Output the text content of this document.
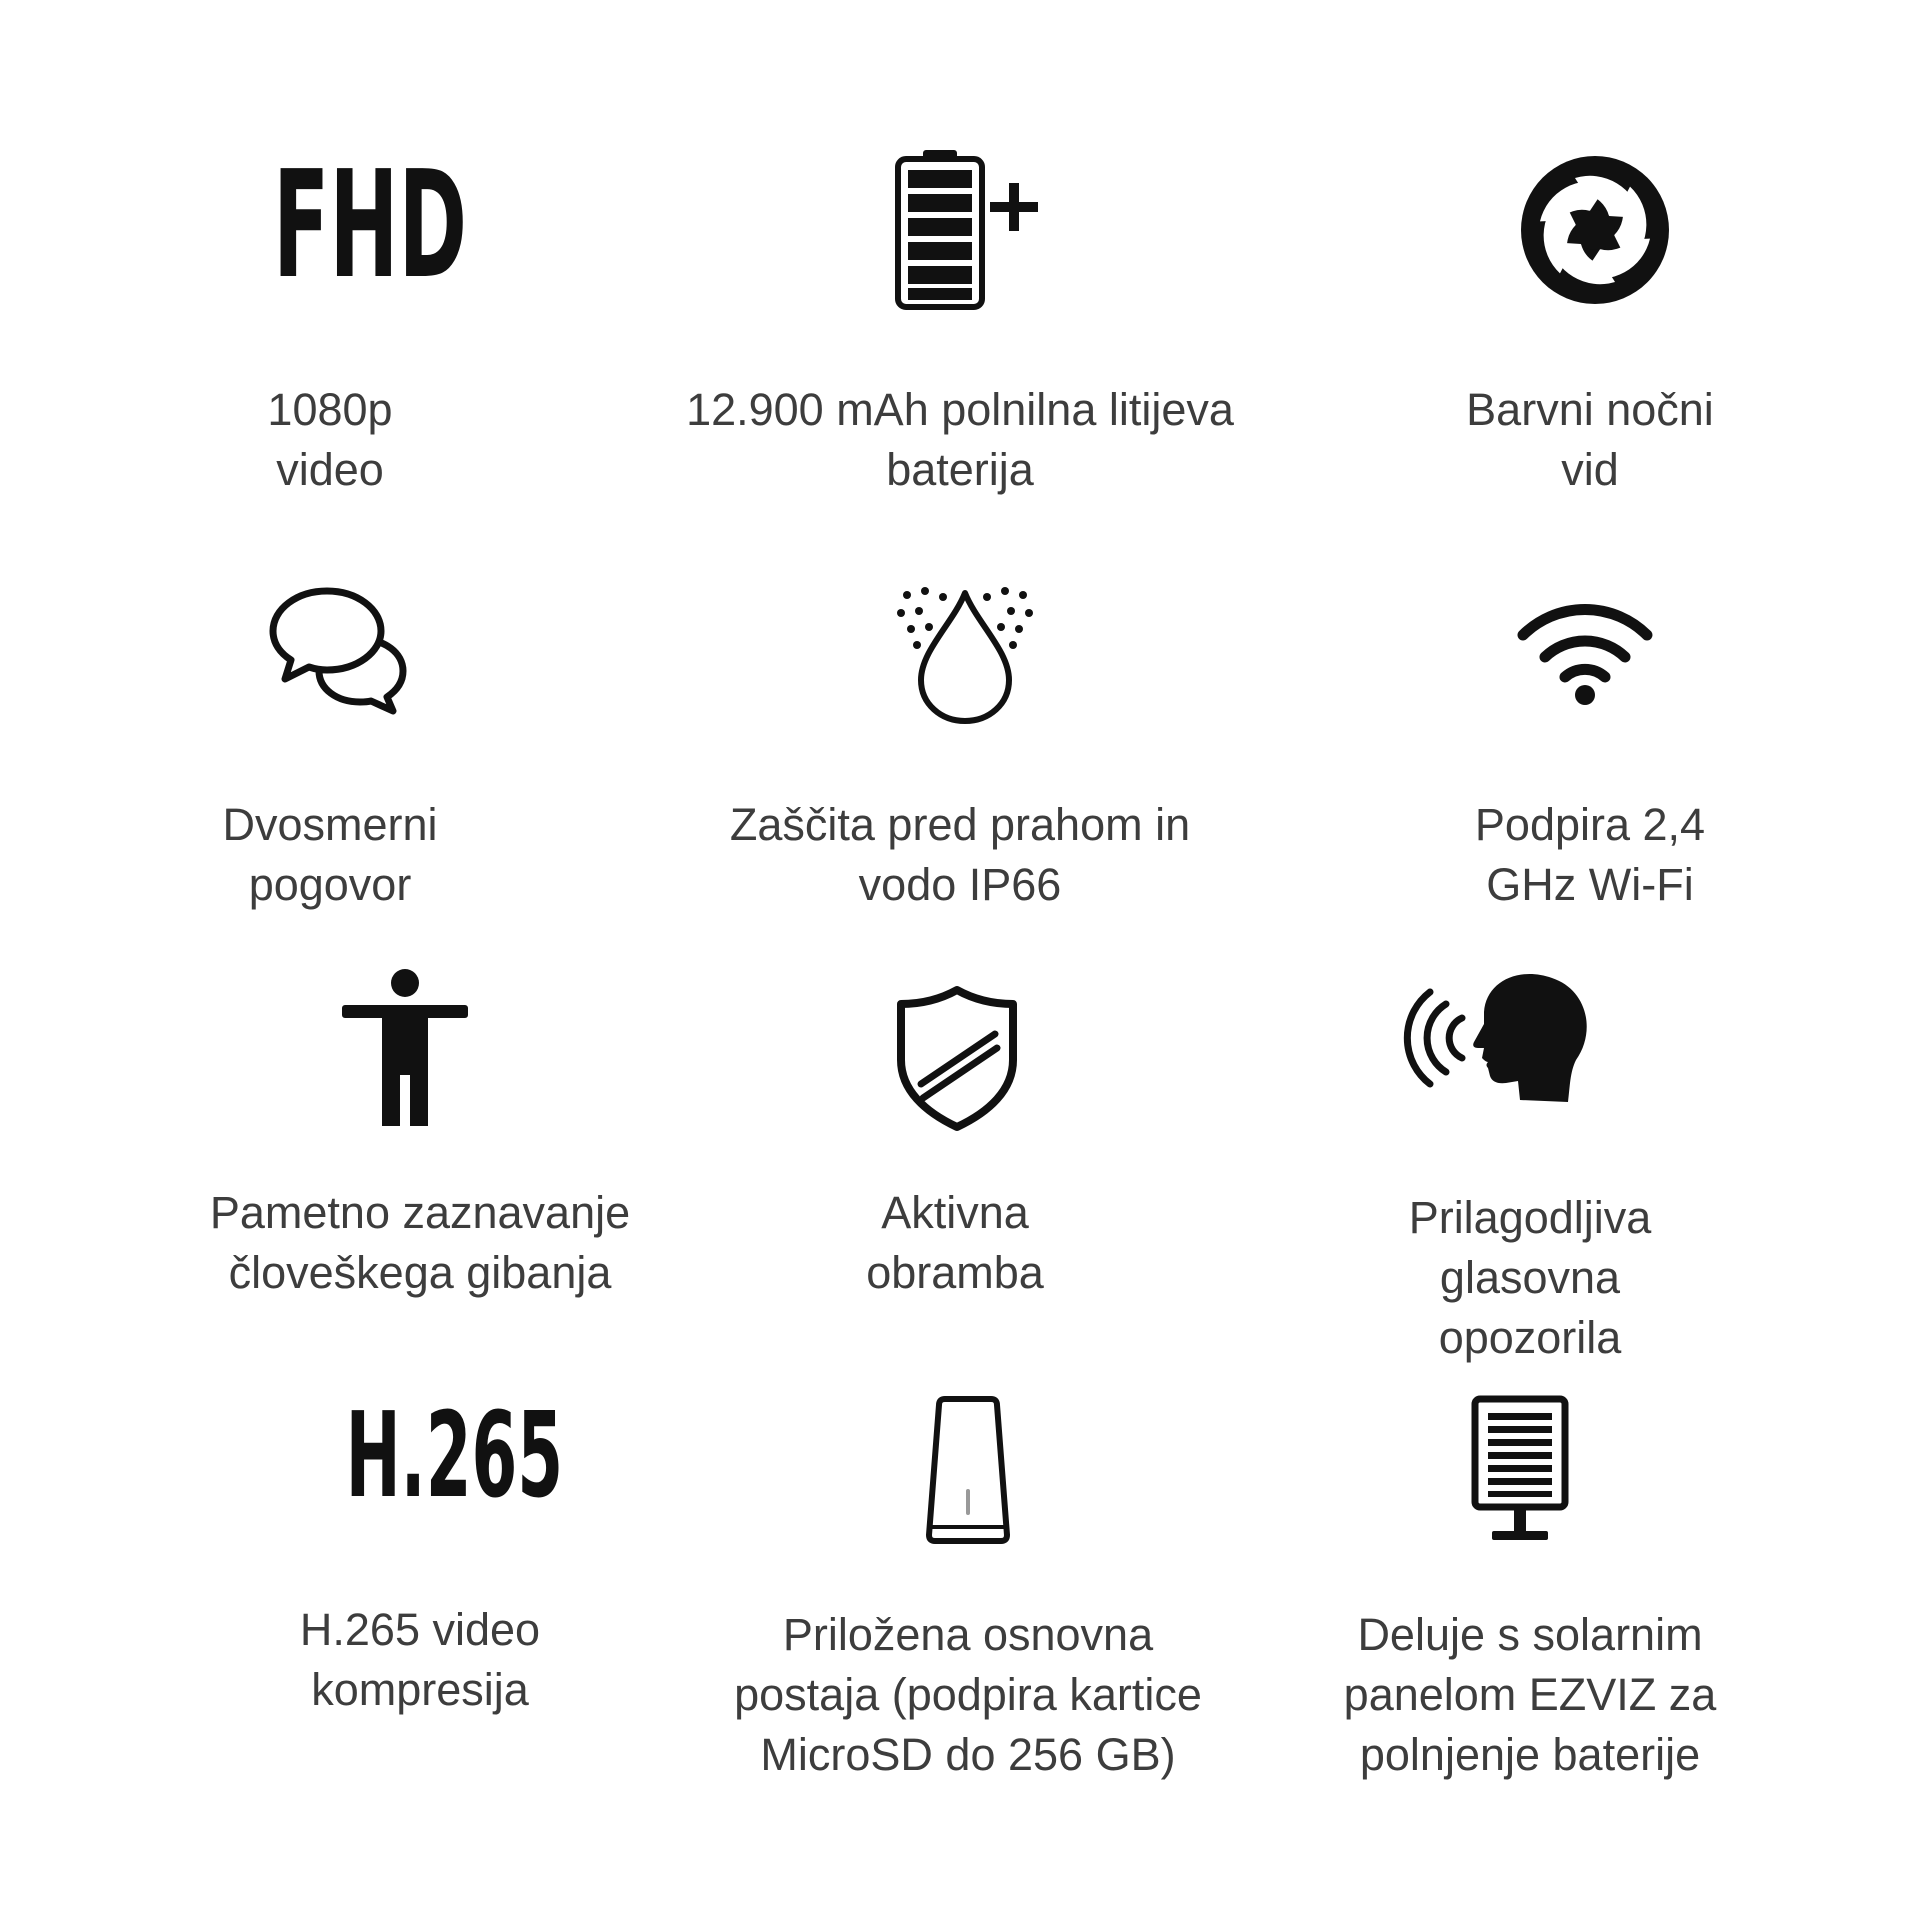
FHD
1080p
video
12.900 mAh polnilna litijeva
baterija
Barvni nočni
vid
Dvosmerni
pogovor
Zaščita pred prahom in
vodo IP66
Podpira 2,4
GHz Wi-Fi
Pametno zaznavanje
človeškega gibanja
Aktivna
obramba
Prilagodljiva
glasovna
opozorila
H.265
H.265 video
kompresija
Priložena osnovna
postaja (podpira kartice
MicroSD do 256 GB)
Deluje s solarnim
panelom EZVIZ za
polnjenje baterije
